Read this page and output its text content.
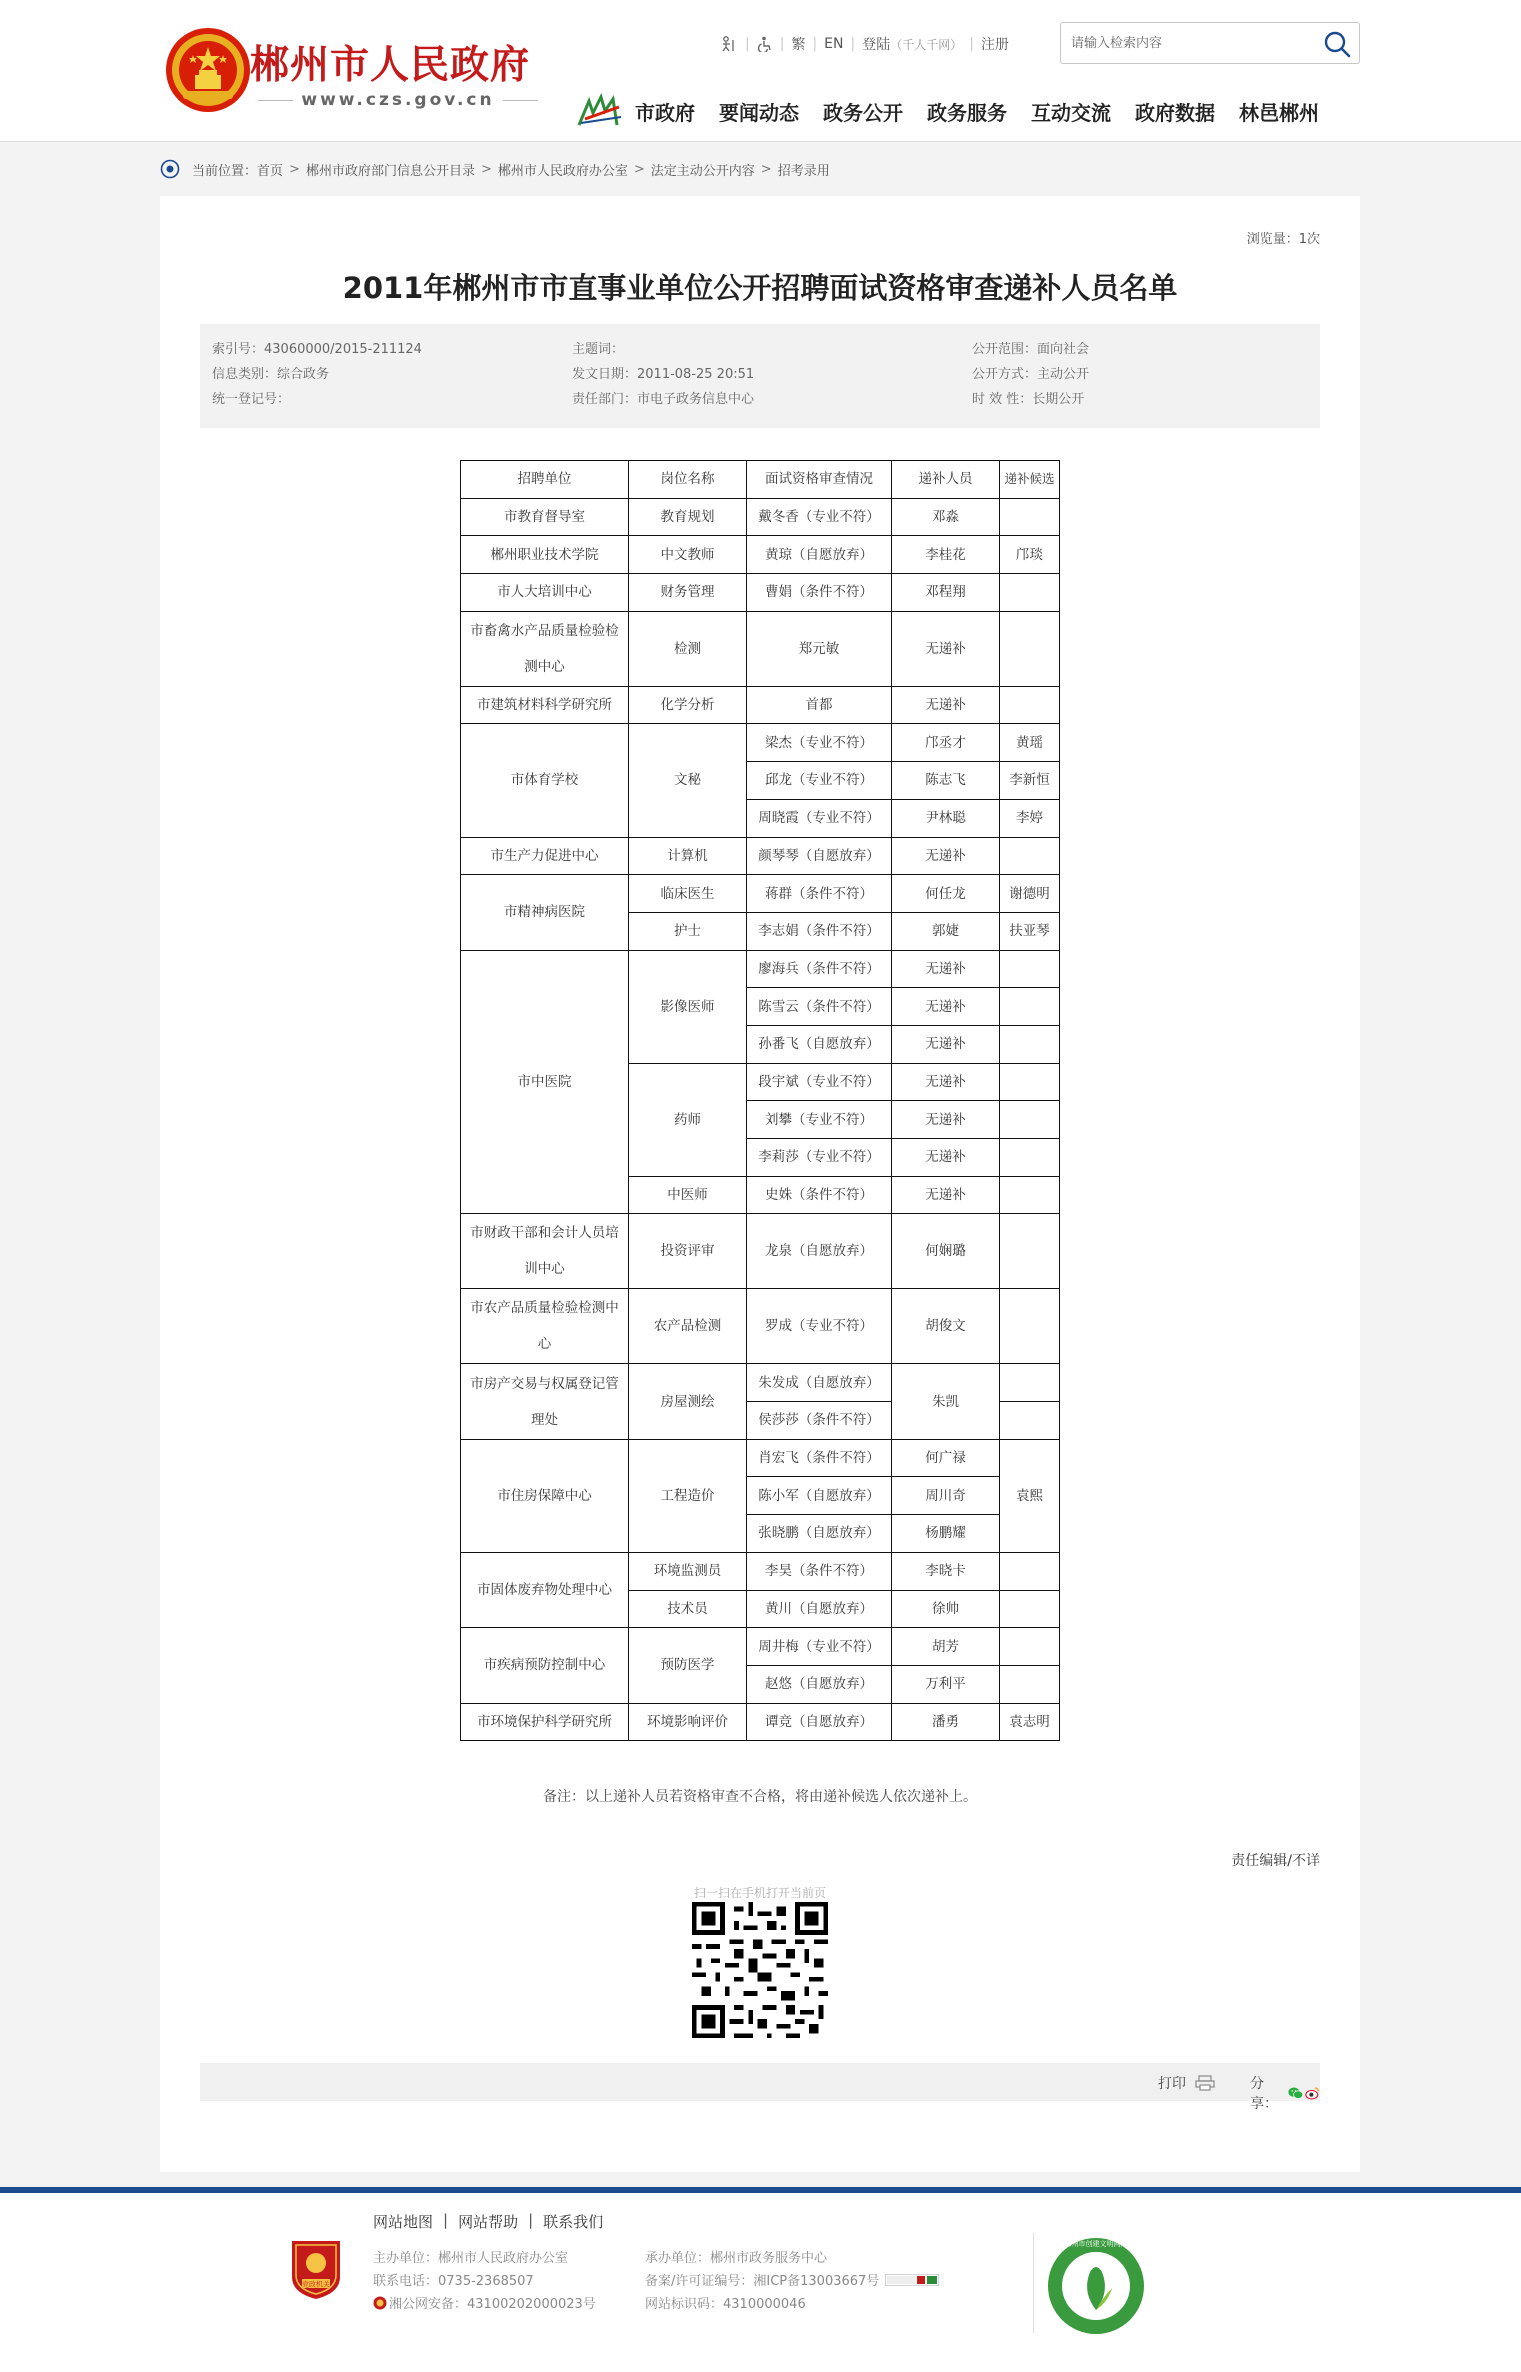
郴州市人民政府
www.czs.gov.cn
| | 繁 | EN | 登陆 （千人千网） | 注册
请输入检索内容
市政府 要闻动态 政务公开 政务服务 互动交流 政府数据 林邑郴州
当前位置： 首页 > 郴州市政府部门信息公开目录 > 郴州市人民政府办公室 > 法定主动公开内容 > 招考录用
浏览量：1次
2011年郴州市市直事业单位公开招聘面试资格审查递补人员名单
索引号：43060000/2015-211124
信息类别：综合政务
统一登记号：
主题词：
发文日期：2011-08-25 20:51
责任部门：市电子政务信息中心
公开范围：面向社会
公开方式：主动公开
时 效 性：长期公开
招聘单位	岗位名称	面试资格审查情况	递补人员	递补候选
市教育督导室	教育规划	戴冬香（专业不符）	邓淼	
郴州职业技术学院	中文教师	黄琼（自愿放弃）	李桂花	邝琰
市人大培训中心	财务管理	曹娟（条件不符）	邓程翔	
市畜禽水产品质量检验检测中心	检测	郑元敏	无递补	
市建筑材料科学研究所	化学分析	首都	无递补	
市体育学校	文秘	梁杰（专业不符）	邝丞才	黄瑶
		邱龙（专业不符）	陈志飞	李新恒
		周晓霞（专业不符）	尹林聪	李婷
市生产力促进中心	计算机	颜琴琴（自愿放弃）	无递补	
市精神病医院	临床医生	蒋群（条件不符）	何任龙	谢德明
	护士	李志娟（条件不符）	郭婕	扶亚琴
市中医院	影像医师	廖海兵（条件不符）	无递补	
		陈雪云（条件不符）	无递补	
		孙番飞（自愿放弃）	无递补	
	药师	段宇斌（专业不符）	无递补	
		刘攀（专业不符）	无递补	
		李莉莎（专业不符）	无递补	
	中医师	史姝（条件不符）	无递补	
市财政干部和会计人员培训中心	投资评审	龙泉（自愿放弃）	何娴璐	
市农产品质量检验检测中心	农产品检测	罗成（专业不符）	胡俊文	
市房产交易与权属登记管理处	房屋测绘	朱发成（自愿放弃）	朱凯	
		侯莎莎（条件不符）		
市住房保障中心	工程造价	肖宏飞（条件不符）	何广禄	袁熙
		陈小军（自愿放弃）	周川奇	
		张晓鹏（自愿放弃）	杨鹏耀	
市固体废弃物处理中心	环境监测员	李昊（条件不符）	李晓卡	
	技术员	黄川（自愿放弃）	徐帅	
市疾病预防控制中心	预防医学	周井梅（专业不符）	胡芳	
		赵悠（自愿放弃）	万利平	
市环境保护科学研究所	环境影响评价	谭竞（自愿放弃）	潘勇	袁志明
备注：以上递补人员若资格审查不合格，将由递补候选人依次递补上。
责任编辑/不详
扫一扫在手机打开当前页
打印	分享：
网站地图 | 网站帮助 | 联系我们
党政机关
主办单位：郴州市人民政府办公室
联系电话：0735-2368507
湘公网安备：43100202000023号
承办单位：郴州市政务服务中心
备案/许可证编号：湘ICP备13003667号
网站标识码：4310000046
郴州市创建文明网站
